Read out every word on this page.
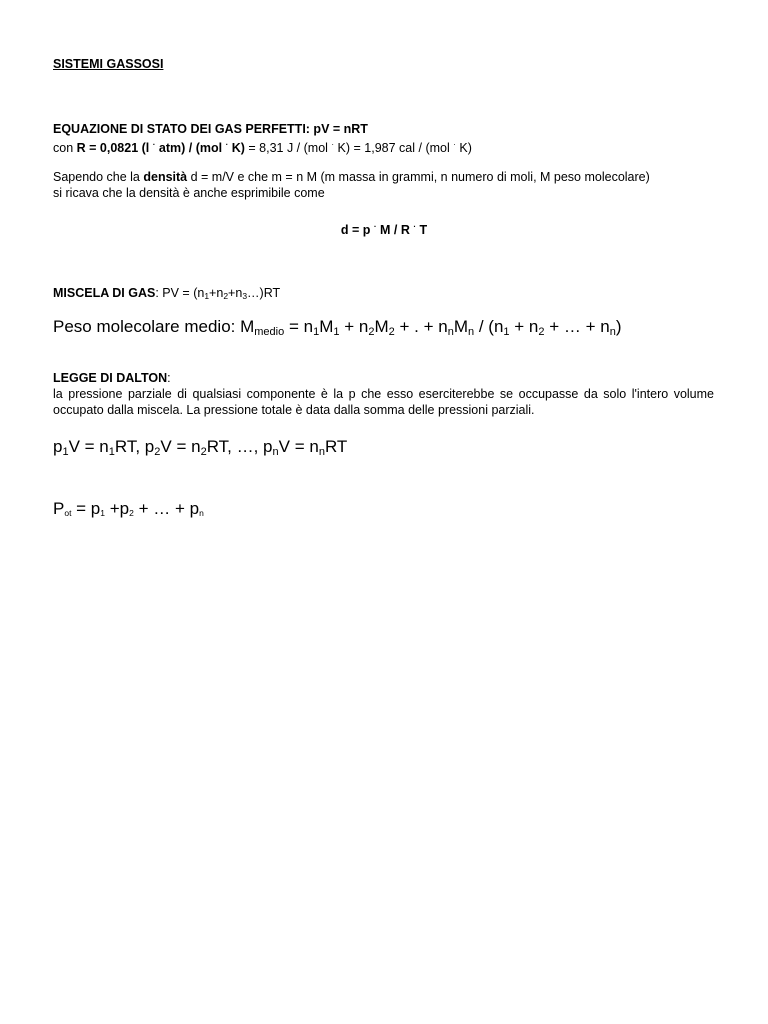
SISTEMI GASSOSI
EQUAZIONE DI STATO DEI GAS PERFETTI: pV = nRT
con R = 0,0821 (l · atm) / (mol · K) = 8,31 J / (mol · K) = 1,987 cal / (mol · K)
Sapendo che la densità d = m/V e che m = n M (m massa in grammi, n numero di moli, M peso molecolare)
si ricava che la densità è anche esprimibile come
d = p · M / R · T
MISCELA DI GAS: PV = (n1+n2+n3…)RT
Peso molecolare medio: Mmedio = n1M1 + n2M2 + . + nnMn / (n1 + n2 + … + nn)
LEGGE DI DALTON:
la pressione parziale di qualsiasi componente è la p che esso eserciterebbe se occupasse da solo l'intero volume occupato dalla miscela. La pressione totale è data dalla somma delle pressioni parziali.
p1V = n1RT, p2V = n2RT, …, pnV = nnRT
Pot = p1 +p2 + … + pn
